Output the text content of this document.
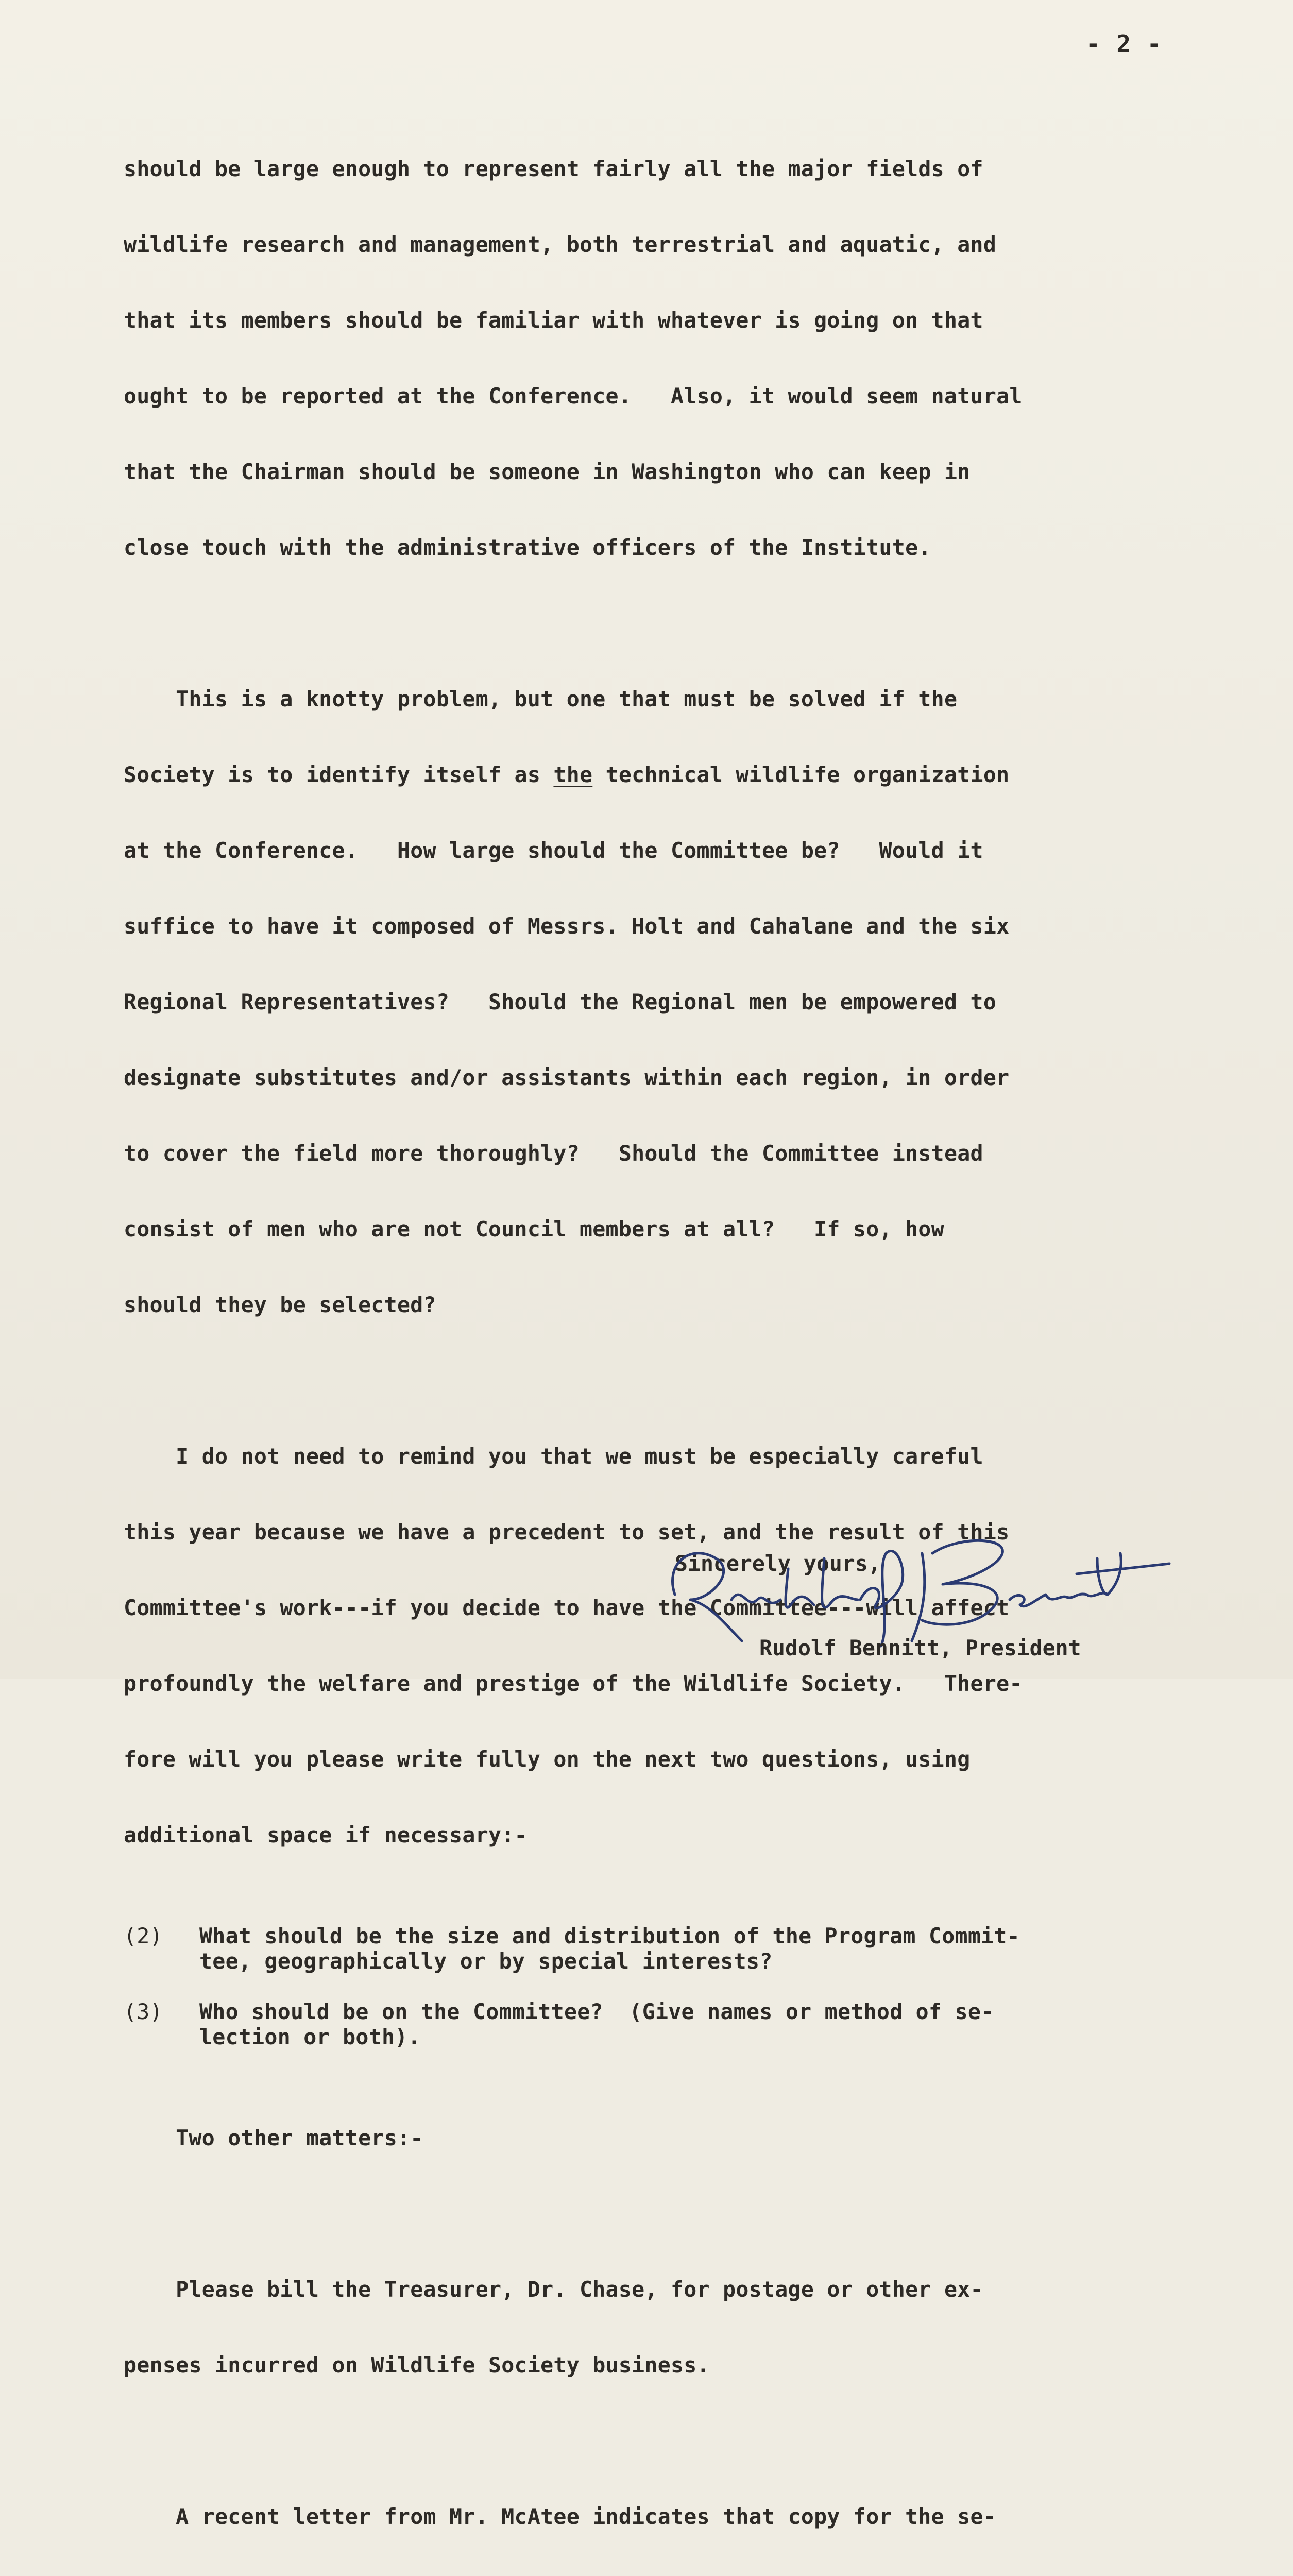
- 2 -

should be large enough to represent fairly all the major fields of

wildlife research and management, both terrestrial and aquatic, and

that its members should be familiar with whatever is going on that

ought to be reported at the Conference.   Also, it would seem natural

that the Chairman should be someone in Washington who can keep in

close touch with the administrative officers of the Institute.

This is a knotty problem, but one that must be solved if the

Society is to identify itself as the technical wildlife organization

at the Conference.   How large should the Committee be?   Would it

suffice to have it composed of Messrs. Holt and Cahalane and the six

Regional Representatives?   Should the Regional men be empowered to

designate substitutes and/or assistants within each region, in order

to cover the field more thoroughly?   Should the Committee instead

consist of men who are not Council members at all?   If so, how

should they be selected?

I do not need to remind you that we must be especially careful

this year because we have a precedent to set, and the result of this

Committee's work---if you decide to have the Committee---will affect

profoundly the welfare and prestige of the Wildlife Society.   There-

fore will you please write fully on the next two questions, using

additional space if necessary:-

(2) What should be the size and distribution of the Program Commit-
tee, geographically or by special interests?
(3) Who should be on the Committee?  (Give names or method of se-
lection or both).

Two other matters:-

Please bill the Treasurer, Dr. Chase, for postage or other ex-

penses incurred on Wildlife Society business.

A recent letter from Mr. McAtee indicates that copy for the se-

Sincerely yours,
Rudolf Bennitt, President
